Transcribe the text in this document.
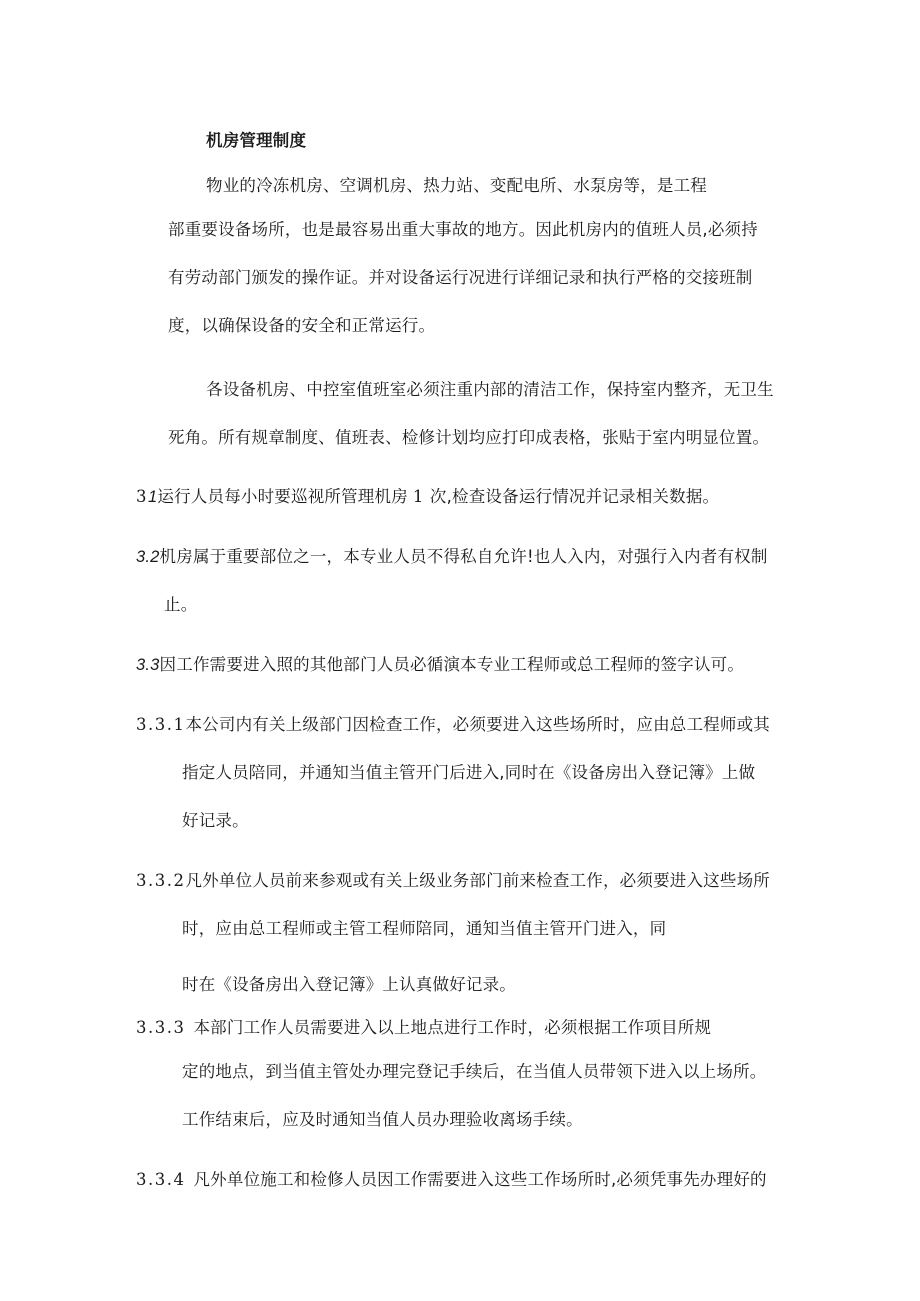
机房管理制度
物业的冷冻机房、空调机房、热力站、变配电所、水泵房等，是工程
部重要设备场所，也是最容易出重大事故的地方。因此机房内的值班人员,必须持
有劳动部门颁发的操作证。并对设备运行况进行详细记录和执行严格的交接班制
度，以确保设备的安全和正常运行。
各设备机房、中控室值班室必须注重内部的清洁工作，保持室内整齐，无卫生
死角。所有规章制度、值班表、检修计划均应打印成表格，张贴于室内明显位置。
31运行人员每小时要巡视所管理机房 1 次,检查设备运行情况并记录相关数据。
3.2机房属于重要部位之一，本专业人员不得私自允许!也人入内，对强行入内者有权制
止。
3.3因工作需要进入照的其他部门人员必循演本专业工程师或总工程师的签字认可。
3.3.1本公司内有关上级部门因检查工作，必须要进入这些场所时，应由总工程师或其
指定人员陪同，并通知当值主管开门后进入,同时在《设备房出入登记簿》上做
好记录。
3.3.2凡外单位人员前来参观或有关上级业务部门前来检查工作，必须要进入这些场所
时，应由总工程师或主管工程师陪同，通知当值主管开门进入，同
时在《设备房出入登记簿》上认真做好记录。
3.3.3 本部门工作人员需要进入以上地点进行工作时，必须根据工作项目所规
定的地点，到当值主管处办理完登记手续后，在当值人员带领下进入以上场所。
工作结束后，应及时通知当值人员办理验收离场手续。
3.3.4 凡外单位施工和检修人员因工作需要进入这些工作场所时,必须凭事先办理好的
